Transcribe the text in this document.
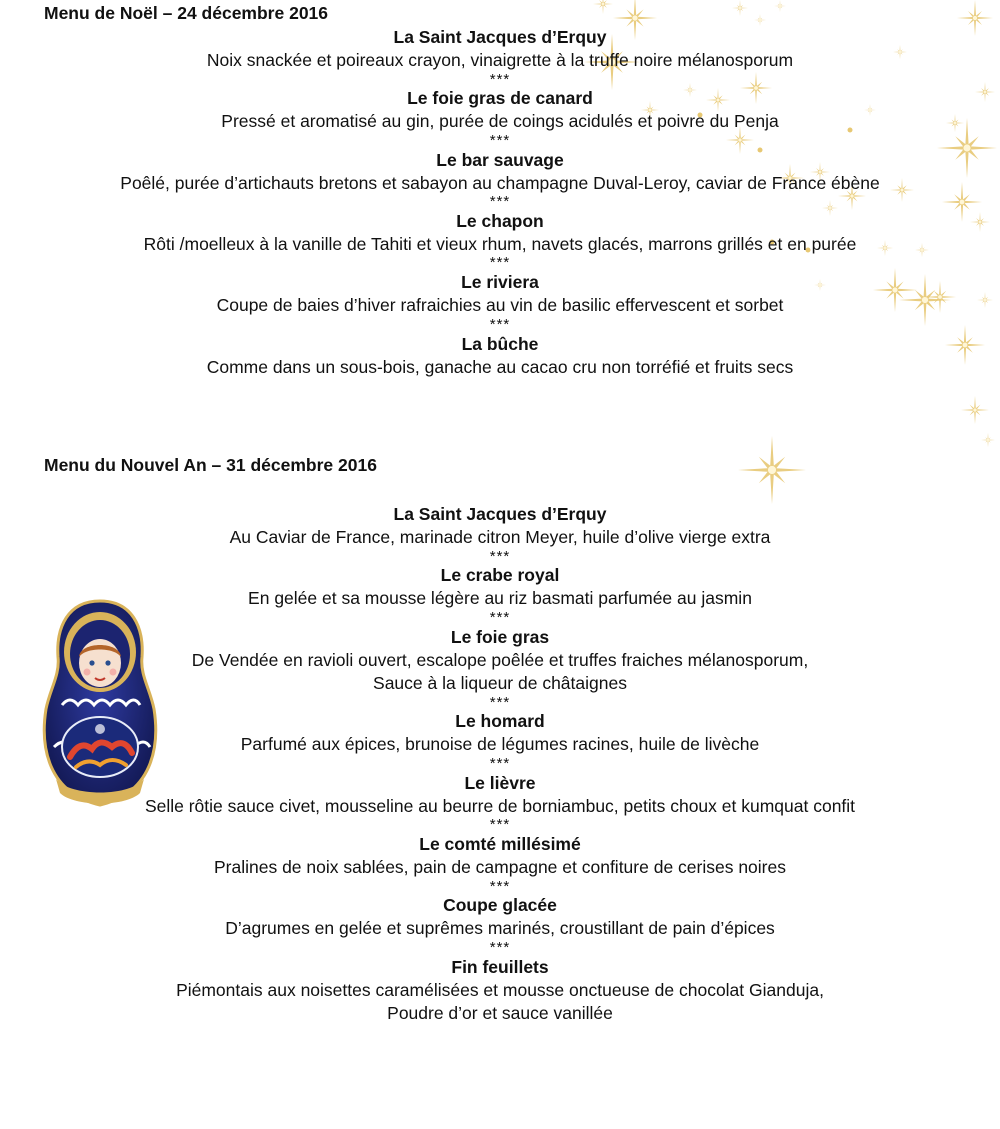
Menu de Noël – 24 décembre 2016
La Saint Jacques d’Erquy
Noix snackée et poireaux crayon, vinaigrette à la truffe noire mélanosporum
***
Le foie gras de canard
Pressé et aromatisé au gin, purée de coings acidulés et poivre du Penja
***
Le bar sauvage
Poêlé, purée d’artichauts bretons et sabayon au champagne Duval-Leroy, caviar de France ébène
***
Le chapon
Rôti /moelleux à la vanille de Tahiti et vieux rhum, navets glacés, marrons grillés et en purée
***
Le riviera
Coupe de baies d’hiver rafraichies au vin de basilic effervescent et sorbet
***
La bûche
Comme dans un sous-bois, ganache au cacao cru non torréfié et fruits secs
Menu du Nouvel An – 31 décembre 2016
La Saint Jacques d’Erquy
Au Caviar de France, marinade citron Meyer, huile d’olive vierge extra
***
Le crabe royal
En gelée et sa mousse légère au riz basmati parfumée au jasmin
***
Le foie gras
De Vendée en ravioli ouvert, escalope poêlée et truffes fraiches mélanosporum,
Sauce à la liqueur de châtaignes
***
Le homard
Parfumé aux épices, brunoise de légumes racines, huile de livèche
***
Le lièvre
Selle rôtie sauce civet, mousseline au beurre de borniambuc, petits choux et kumquat confit
***
Le comté millésimé
Pralines de noix sablées, pain de campagne et confiture de cerises noires
***
Coupe glacée
D’agrumes en gelée et suprêmes marinés, croustillant de pain d’épices
***
Fin feuillets
Piémontais aux noisettes caramélisées et mousse onctueuse de chocolat Gianduja,
Poudre d’or et sauce vanillée
